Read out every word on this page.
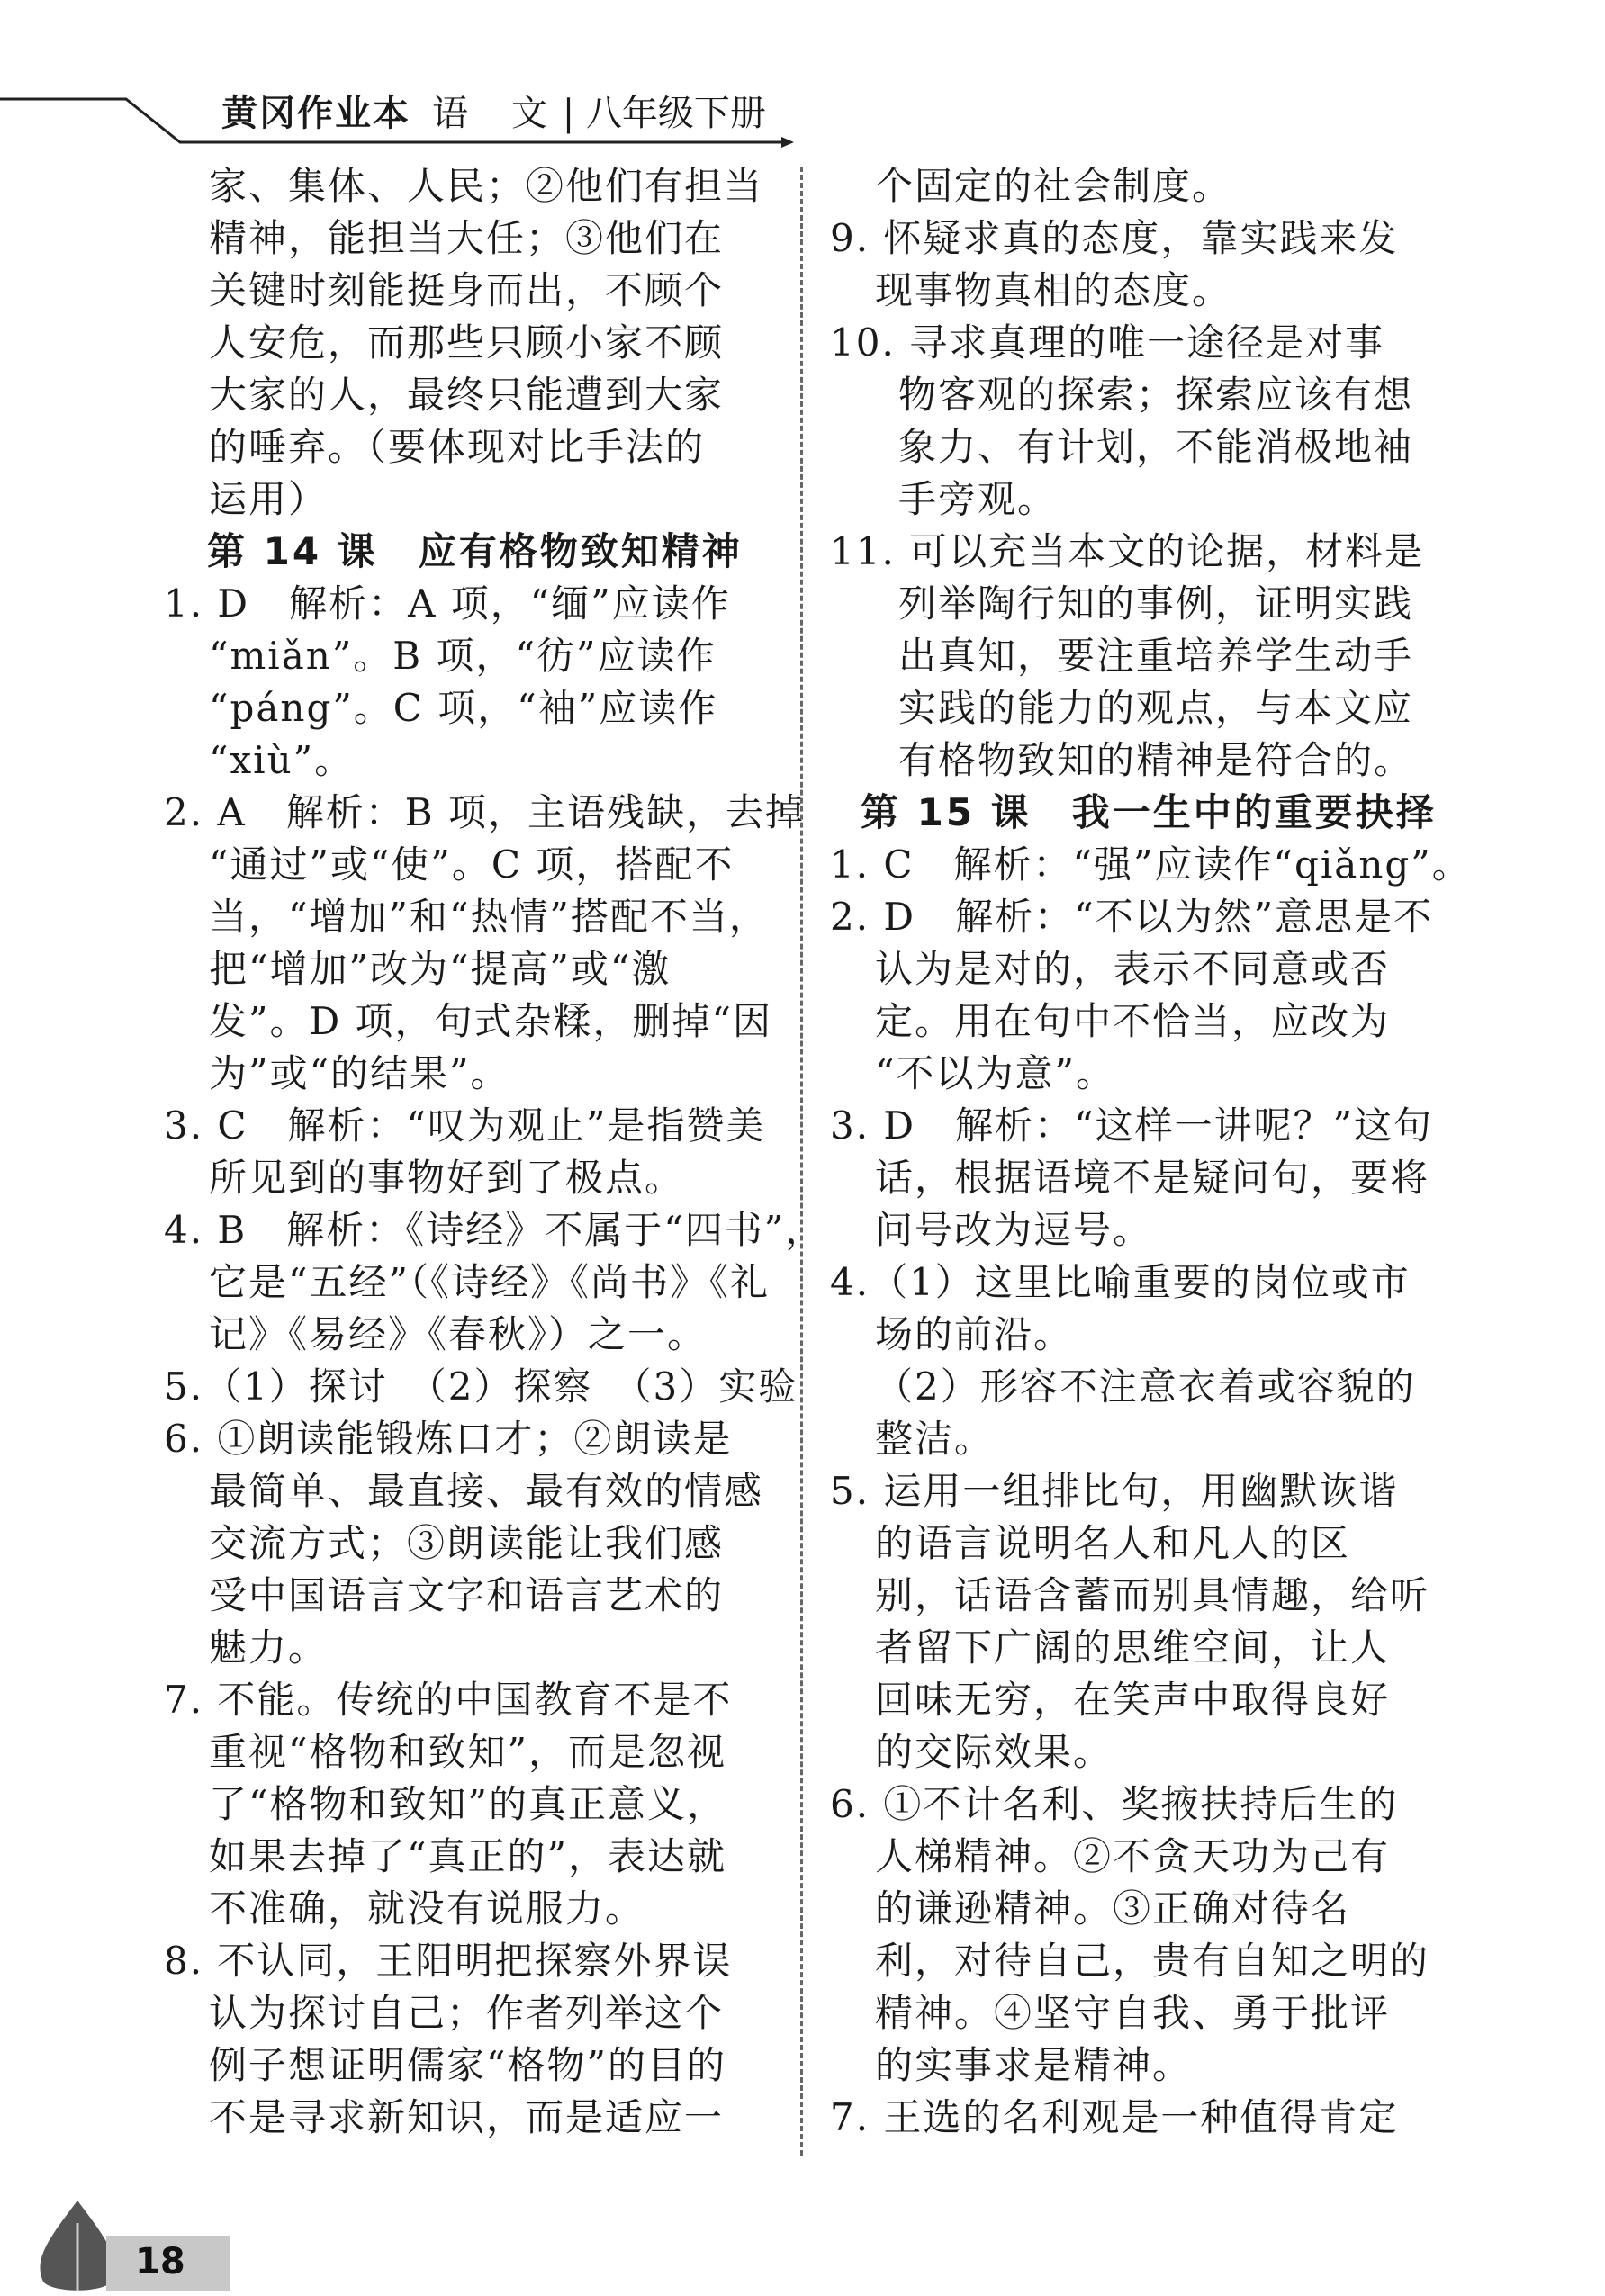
黄冈作业本 语　文 | 八年级下册
家、集体、人民；②他们有担当
精神，能担当大任；③他们在
关键时刻能挺身而出，不顾个
人安危，而那些只顾小家不顾
大家的人，最终只能遭到大家
的唾弃。（要体现对比手法的
运用）
第 14 课　应有格物致知精神
1. D　解析：A 项，“缅”应读作
“miǎn”。B 项，“彷”应读作
“páng”。C 项，“袖”应读作
“xiù”。
2. A　解析：B 项，主语残缺，去掉
“通过”或“使”。C 项，搭配不
当，“增加”和“热情”搭配不当，
把“增加”改为“提高”或“激
发”。D 项，句式杂糅，删掉“因
为”或“的结果”。
3. C　解析：“叹为观止”是指赞美
所见到的事物好到了极点。
4. B　解析：《诗经》不属于“四书”，
它是“五经”（《诗经》《尚书》《礼
记》《易经》《春秋》）之一。
5.（1）探讨　（2）探察　（3）实验
6. ①朗读能锻炼口才；②朗读是
最简单、最直接、最有效的情感
交流方式；③朗读能让我们感
受中国语言文字和语言艺术的
魅力。
7. 不能。传统的中国教育不是不
重视“格物和致知”，而是忽视
了“格物和致知”的真正意义，
如果去掉了“真正的”，表达就
不准确，就没有说服力。
8. 不认同，王阳明把探察外界误
认为探讨自己；作者列举这个
例子想证明儒家“格物”的目的
不是寻求新知识，而是适应一
个固定的社会制度。
9. 怀疑求真的态度，靠实践来发
现事物真相的态度。
10. 寻求真理的唯一途径是对事
物客观的探索；探索应该有想
象力、有计划，不能消极地袖
手旁观。
11. 可以充当本文的论据，材料是
列举陶行知的事例，证明实践
出真知，要注重培养学生动手
实践的能力的观点，与本文应
有格物致知的精神是符合的。
第 15 课　我一生中的重要抉择
1. C　解析：“强”应读作“qiǎng”。
2. D　解析：“不以为然”意思是不
认为是对的，表示不同意或否
定。用在句中不恰当，应改为
“不以为意”。
3. D　解析：“这样一讲呢？”这句
话，根据语境不是疑问句，要将
问号改为逗号。
4.（1）这里比喻重要的岗位或市
场的前沿。
（2）形容不注意衣着或容貌的
整洁。
5. 运用一组排比句，用幽默诙谐
的语言说明名人和凡人的区
别，话语含蓄而别具情趣，给听
者留下广阔的思维空间，让人
回味无穷，在笑声中取得良好
的交际效果。
6. ①不计名利、奖掖扶持后生的
人梯精神。②不贪天功为己有
的谦逊精神。③正确对待名
利，对待自己，贵有自知之明的
精神。④坚守自我、勇于批评
的实事求是精神。
7. 王选的名利观是一种值得肯定
18
